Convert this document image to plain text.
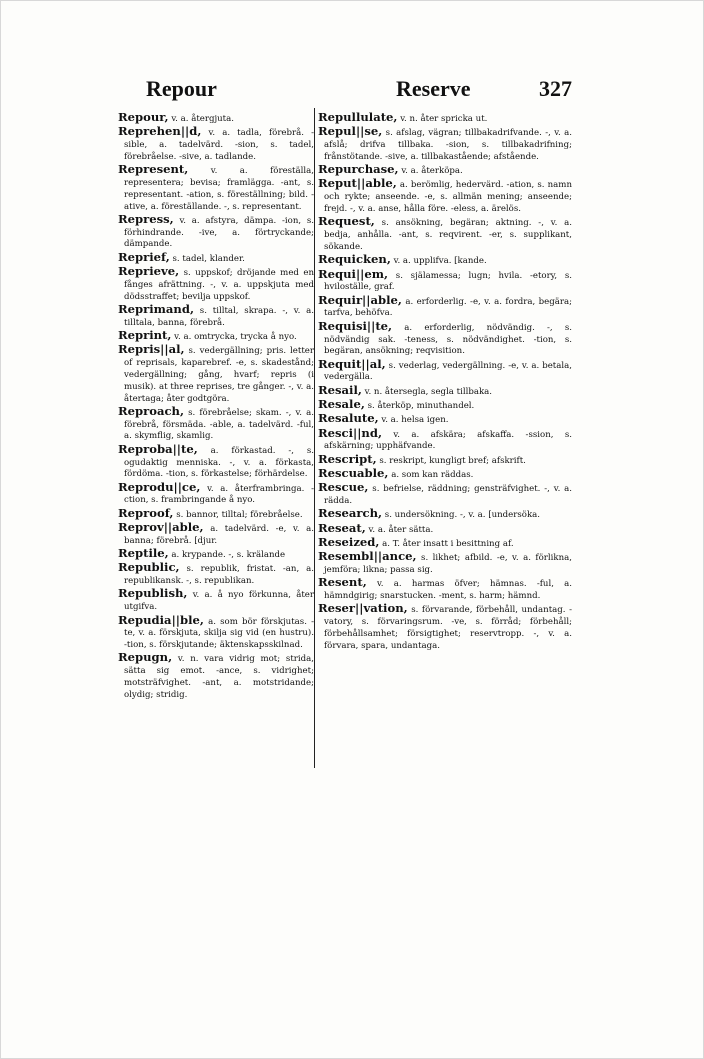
Repour	Reserve	327

Repour, v. a. återgjuta.

Reprehen||d, v. a. tadla, förebrå. -sible, a. tadelvärd. -sion, s. tadel, förebråelse. -sive, a. tadlande.

Represent, v. a. föreställa, representera; bevisa; framlägga. -ant, s. representant. -ation, s. föreställning; bild. -ative, a. föreställande. -, s. representant.

Repress, v. a. afstyra, dämpa. -ion, s. förhindrande. -ive, a. förtryckande; dämpande.

Reprief, s. tadel, klander.

Reprieve, s. uppskof; dröjande med en fånges afrättning. -, v. a. uppskjuta med dödsstraffet; bevilja uppskof.

Reprimand, s. tilltal, skrapa. -, v. a. tilltala, banna, förebrå.

Reprint, v. a. omtrycka, trycka å nyo.

Repris||al, s. vedergällning; pris. letter of reprisals, kaparebref. -e, s. skadestånd; vedergällning; gång, hvarf; repris (i musik). at three reprises, tre gånger. -, v. a. återtaga; åter godtgöra.

Reproach, s. förebråelse; skam. -, v. a. förebrå, försmäda. -able, a. tadelvärd. -ful, a. skymflig, skamlig.

Reproba||te, a. förkastad. -, s. ogudaktig menniska. -, v. a. förkasta, fördöma. -tion, s. förkastelse; förhärdelse.

Reprodu||ce, v. a. återframbringa. -ction, s. frambringande å nyo.

Reproof, s. bannor, tilltal; förebråelse.

Reprov||able, a. tadelvärd. -e, v. a. banna; förebrå. [djur.

Reptile, a. krypande. -, s. krälande

Republic, s. republik, fristat. -an, a. republikansk. -, s. republikan.

Republish, v. a. å nyo förkunna, åter utgifva.

Repudia||ble, a. som bör förskjutas. -te, v. a. förskjuta, skilja sig vid (en hustru). -tion, s. förskjutande; äktenskapsskilnad.

Repugn, v. n. vara vidrig mot; strida, sätta sig emot. -ance, s. vidrighet; motsträfvighet. -ant, a. motstridande; olydig; stridig.

Repullulate, v. n. åter spricka ut.

Repul||se, s. afslag, vägran; tillbakadrifvande. -, v. a. afslå; drifva tillbaka. -sion, s. tillbakadrifning; frånstötande. -sive, a. tillbakastående; afstående.

Repurchase, v. a. återköpa.

Reput||able, a. berömlig, hedervärd. -ation, s. namn och rykte; anseende. -e, s. allmän mening; anseende; frejd. -, v. a. anse, hålla före. -eless, a. ärelös.

Request, s. ansökning, begäran; aktning. -, v. a. bedja, anhålla. -ant, s. reqvirent. -er, s. supplikant, sökande.

Requicken, v. a. upplifva. [kande.

Requi||em, s. själamessa; lugn; hvila. -etory, s. hviloställe, graf.

Requir||able, a. erforderlig. -e, v. a. fordra, begära; tarfva, behöfva.

Requisi||te, a. erforderlig, nödvändig. -, s. nödvändig sak. -teness, s. nödvändighet. -tion, s. begäran, ansökning; reqvisition.

Requit||al, s. vederlag, vedergällning. -e, v. a. betala, vedergälla.

Resail, v. n. återsegla, segla tillbaka.

Resale, s. återköp, minuthandel.

Resalute, v. a. helsa igen.

Resci||nd, v. a. afskära; afskaffa. -ssion, s. afskärning; upphäfvande.

Rescript, s. reskript, kungligt bref; afskrift.

Rescuable, a. som kan räddas.

Rescue, s. befrielse, räddning; gensträfvighet. -, v. a. rädda.

Research, s. undersökning. -, v. a. [undersöka.

Reseat, v. a. åter sätta.

Reseized, a. T. åter insatt i besittning af.

Resembl||ance, s. likhet; afbild. -e, v. a. förlikna, jemföra; likna; passa sig.

Resent, v. a. harmas öfver; hämnas. -ful, a. hämndgirig; snarstucken. -ment, s. harm; hämnd.

Reser||vation, s. förvarande, förbehåll, undantag. -vatory, s. förvaringsrum. -ve, s. förråd; förbehåll; förbehållsamhet; försigtighet; reservtropp. -, v. a. förvara, spara, undantaga.
